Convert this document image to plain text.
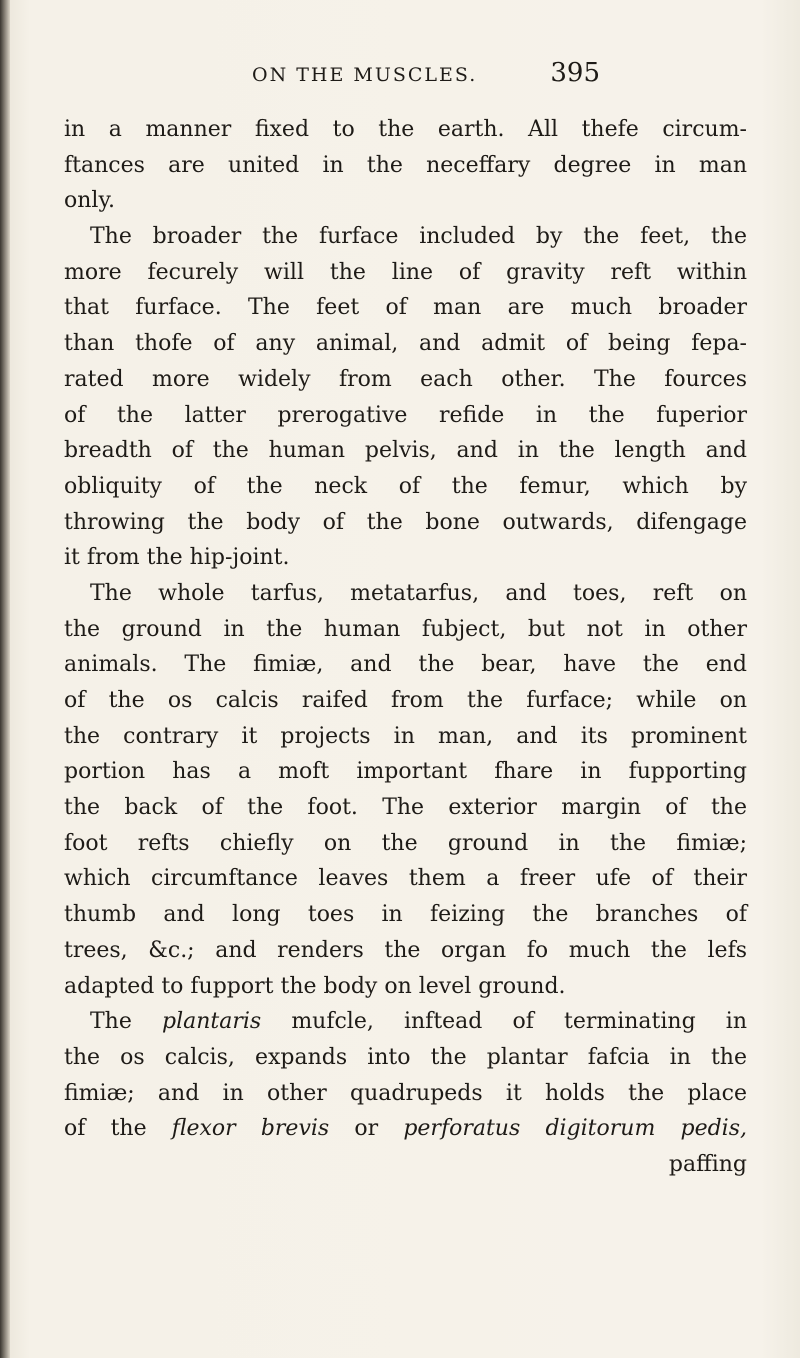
ON THE MUSCLES.	395
in a manner fixed to the earth. All thefe circum-
ftances are united in the neceffary degree in man
only.
The broader the furface included by the feet, the
more fecurely will the line of gravity reft within
that furface. The feet of man are much broader
than thofe of any animal, and admit of being fepa-
rated more widely from each other. The fources
of the latter prerogative refide in the fuperior
breadth of the human pelvis, and in the length and
obliquity of the neck of the femur, which by
throwing the body of the bone outwards, difengage
it from the hip-joint.
The whole tarfus, metatarfus, and toes, reft on
the ground in the human fubject, but not in other
animals. The fimiæ, and the bear, have the end
of the os calcis raifed from the furface; while on
the contrary it projects in man, and its prominent
portion has a moft important fhare in fupporting
the back of the foot. The exterior margin of the
foot refts chiefly on the ground in the fimiæ;
which circumftance leaves them a freer ufe of their
thumb and long toes in feizing the branches of
trees, &c.; and renders the organ fo much the lefs
adapted to fupport the body on level ground.
The plantaris mufcle, inftead of terminating in
the os calcis, expands into the plantar fafcia in the
fimiæ; and in other quadrupeds it holds the place
of the flexor brevis or perforatus digitorum pedis,
paffing
